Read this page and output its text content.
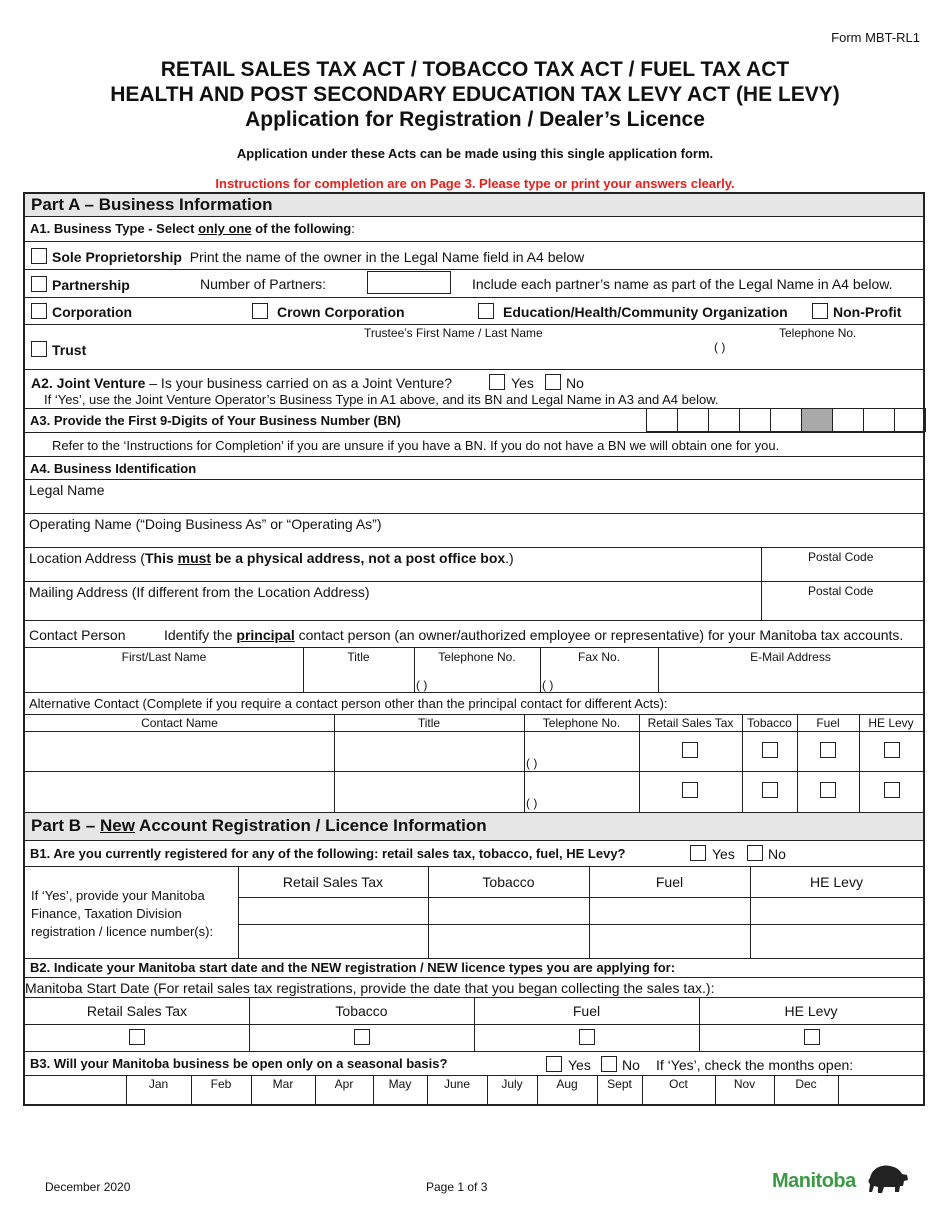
Form MBT-RL1
RETAIL SALES TAX ACT / TOBACCO TAX ACT / FUEL TAX ACT
HEALTH AND POST SECONDARY EDUCATION TAX LEVY ACT (HE LEVY)
Application for Registration / Dealer’s Licence
Application under these Acts can be made using this single application form.
Instructions for completion are on Page 3. Please type or print your answers clearly.
Part A – Business Information
A1. Business Type - Select only one of the following:
Sole Proprietorship Print the name of the owner in the Legal Name field in A4 below
Partnership	Number of Partners:	Include each partner’s name as part of the Legal Name in A4 below.
Corporation	Crown Corporation	Education/Health/Community Organization	Non-Profit
Trustee’s First Name / Last Name	Telephone No.
Trust	( )
A2. Joint Venture – Is your business carried on as a Joint Venture?	Yes No
If ‘Yes’, use the Joint Venture Operator’s Business Type in A1 above, and its BN and Legal Name in A3 and A4 below.
A3. Provide the First 9-Digits of Your Business Number (BN)
Refer to the ‘Instructions for Completion’ if you are unsure if you have a BN. If you do not have a BN we will obtain one for you.
A4. Business Identification
Legal Name
Operating Name (“Doing Business As” or “Operating As”)
Location Address (This must be a physical address, not a post office box.)	Postal Code
Mailing Address (If different from the Location Address)	Postal Code
Contact Person	Identify the principal contact person (an owner/authorized employee or representative) for your Manitoba tax accounts.
First/Last Name	Title	Telephone No.	Fax No.	E-Mail Address
( )	( )
Alternative Contact (Complete if you require a contact person other than the principal contact for different Acts):
Contact Name	Title	Telephone No.	Retail Sales Tax	Tobacco	Fuel	HE Levy
( )
( )
Part B – New Account Registration / Licence Information
B1. Are you currently registered for any of the following: retail sales tax, tobacco, fuel, HE Levy?	Yes No
If ‘Yes’, provide your Manitoba Finance, Taxation Division registration / licence number(s):
Retail Sales Tax	Tobacco	Fuel	HE Levy
B2. Indicate your Manitoba start date and the NEW registration / NEW licence types you are applying for:
Manitoba Start Date (For retail sales tax registrations, provide the date that you began collecting the sales tax.):
Retail Sales Tax	Tobacco	Fuel	HE Levy
B3. Will your Manitoba business be open only on a seasonal basis?	Yes No If ‘Yes’, check the months open:
Jan	Feb	Mar	Apr	May	June	July	Aug	Sept	Oct	Nov	Dec
December 2020	Page 1 of 3	Manitoba
